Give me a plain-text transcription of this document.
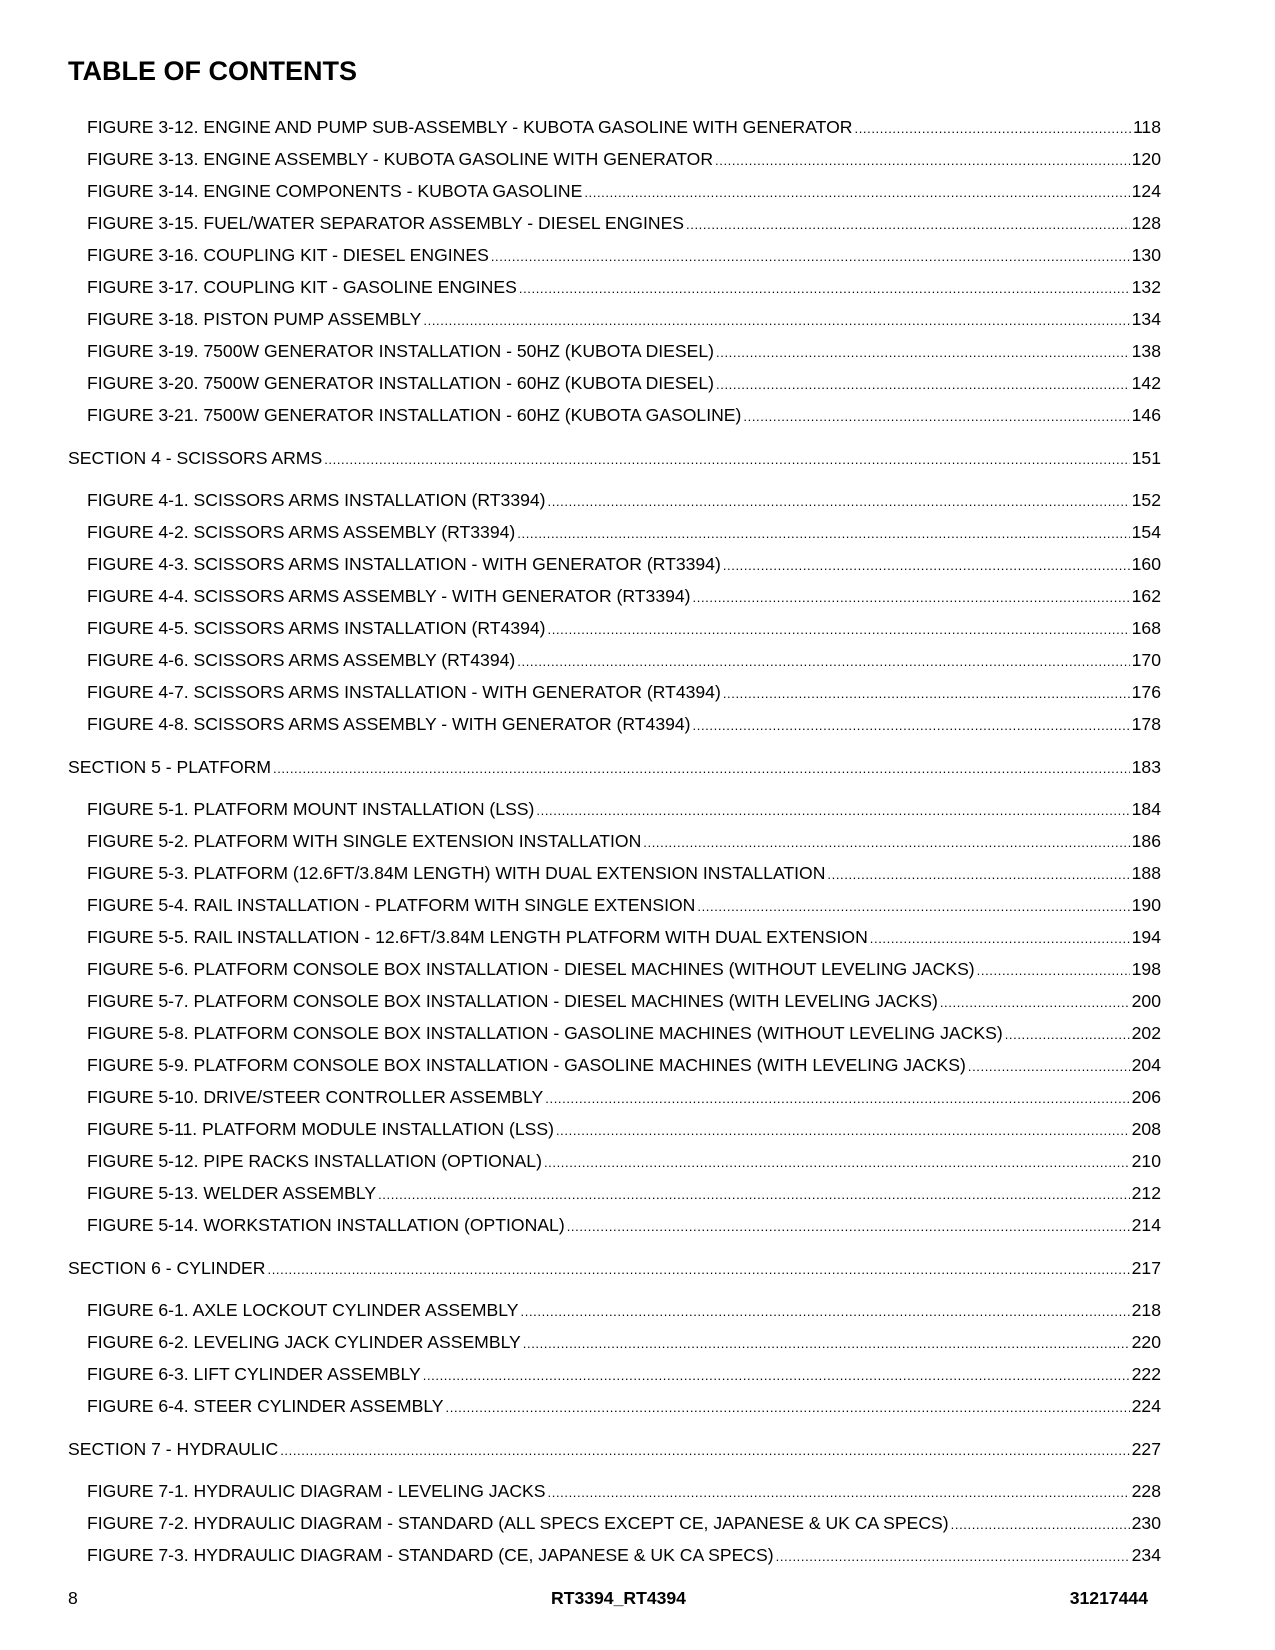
TABLE OF CONTENTS
FIGURE 3-12. ENGINE AND PUMP SUB-ASSEMBLY - KUBOTA GASOLINE WITH GENERATOR .....	118
FIGURE 3-13. ENGINE ASSEMBLY - KUBOTA GASOLINE WITH GENERATOR .....	120
FIGURE 3-14. ENGINE COMPONENTS - KUBOTA GASOLINE .....	124
FIGURE 3-15. FUEL/WATER SEPARATOR ASSEMBLY - DIESEL ENGINES .....	128
FIGURE 3-16. COUPLING KIT - DIESEL ENGINES .....	130
FIGURE 3-17. COUPLING KIT - GASOLINE ENGINES .....	132
FIGURE 3-18. PISTON PUMP ASSEMBLY .....	134
FIGURE 3-19. 7500W GENERATOR INSTALLATION - 50HZ (KUBOTA DIESEL) .....	138
FIGURE 3-20. 7500W GENERATOR INSTALLATION - 60HZ (KUBOTA DIESEL) .....	142
FIGURE 3-21. 7500W GENERATOR INSTALLATION - 60HZ (KUBOTA GASOLINE) .....	146
SECTION 4 - SCISSORS ARMS .....	151
FIGURE 4-1. SCISSORS ARMS INSTALLATION (RT3394) .....	152
FIGURE 4-2. SCISSORS ARMS ASSEMBLY (RT3394) .....	154
FIGURE 4-3. SCISSORS ARMS INSTALLATION - WITH GENERATOR (RT3394) .....	160
FIGURE 4-4. SCISSORS ARMS ASSEMBLY - WITH GENERATOR (RT3394) .....	162
FIGURE 4-5. SCISSORS ARMS INSTALLATION (RT4394) .....	168
FIGURE 4-6. SCISSORS ARMS ASSEMBLY (RT4394) .....	170
FIGURE 4-7. SCISSORS ARMS INSTALLATION - WITH GENERATOR (RT4394) .....	176
FIGURE 4-8. SCISSORS ARMS ASSEMBLY - WITH GENERATOR (RT4394) .....	178
SECTION 5 - PLATFORM .....	183
FIGURE 5-1. PLATFORM MOUNT INSTALLATION (LSS) .....	184
FIGURE 5-2. PLATFORM WITH SINGLE EXTENSION INSTALLATION .....	186
FIGURE 5-3. PLATFORM (12.6FT/3.84M LENGTH) WITH DUAL EXTENSION INSTALLATION .....	188
FIGURE 5-4. RAIL INSTALLATION - PLATFORM WITH SINGLE EXTENSION .....	190
FIGURE 5-5. RAIL INSTALLATION - 12.6FT/3.84M LENGTH PLATFORM WITH DUAL EXTENSION .....	194
FIGURE 5-6. PLATFORM CONSOLE BOX INSTALLATION - DIESEL MACHINES (WITHOUT LEVELING JACKS) .....	198
FIGURE 5-7. PLATFORM CONSOLE BOX INSTALLATION - DIESEL MACHINES (WITH LEVELING JACKS) .....	200
FIGURE 5-8. PLATFORM CONSOLE BOX INSTALLATION - GASOLINE MACHINES (WITHOUT LEVELING JACKS) .....	202
FIGURE 5-9. PLATFORM CONSOLE BOX INSTALLATION - GASOLINE MACHINES (WITH LEVELING JACKS) .....	204
FIGURE 5-10. DRIVE/STEER CONTROLLER ASSEMBLY .....	206
FIGURE 5-11. PLATFORM MODULE INSTALLATION (LSS) .....	208
FIGURE 5-12. PIPE RACKS INSTALLATION (OPTIONAL) .....	210
FIGURE 5-13. WELDER ASSEMBLY .....	212
FIGURE 5-14. WORKSTATION INSTALLATION (OPTIONAL) .....	214
SECTION 6 - CYLINDER .....	217
FIGURE 6-1. AXLE LOCKOUT CYLINDER ASSEMBLY .....	218
FIGURE 6-2. LEVELING JACK CYLINDER ASSEMBLY .....	220
FIGURE 6-3. LIFT CYLINDER ASSEMBLY .....	222
FIGURE 6-4. STEER CYLINDER ASSEMBLY .....	224
SECTION 7 - HYDRAULIC .....	227
FIGURE 7-1. HYDRAULIC DIAGRAM - LEVELING JACKS .....	228
FIGURE 7-2. HYDRAULIC DIAGRAM - STANDARD (ALL SPECS EXCEPT CE, JAPANESE & UK CA SPECS) .....	230
FIGURE 7-3. HYDRAULIC DIAGRAM - STANDARD (CE, JAPANESE & UK CA SPECS) .....	234
8	RT3394_RT4394	31217444
